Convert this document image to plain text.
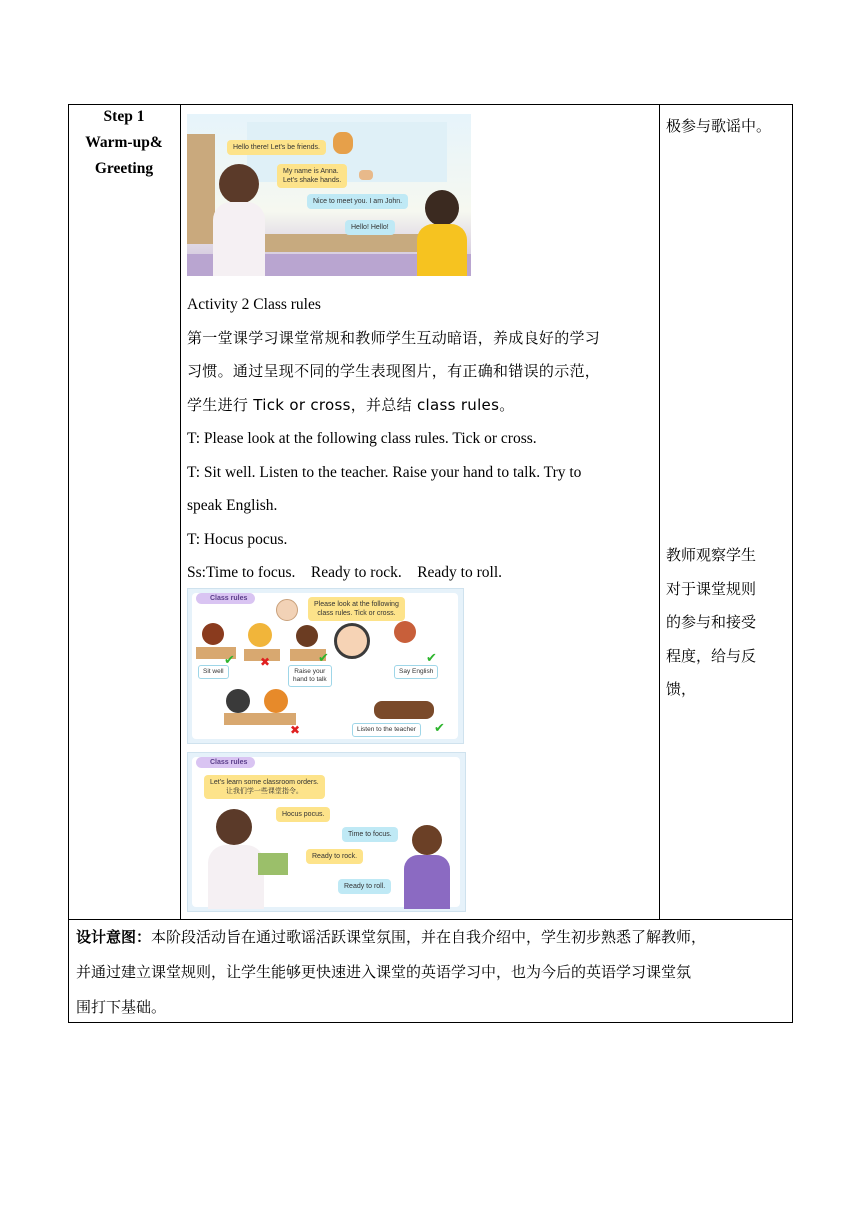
Step 1
Warm-up&
Greeting
极参与歌谣中。
教师观察学生
对于课堂规则
的参与和接受
程度，给与反
馈，
Hello there! Let's be friends.
My name is Anna.
Let's shake hands.
Nice to meet you. I am John.
Hello! Hello!

Activity 2 Class rules

第一堂课学习课堂常规和教师学生互动暗语，养成良好的学习

习惯。通过呈现不同的学生表现图片，有正确和错误的示范，

学生进行 Tick or cross，并总结 class rules。

T: Please look at the following class rules. Tick or cross.

T: Sit well. Listen to the teacher. Raise your hand to talk. Try to

speak English.

T: Hocus pocus.

Ss:Time to focus.    Ready to rock.    Ready to roll.

Class rules
Please look at the following
class rules. Tick or cross.
Sit well
✔ ✖
Raise your
hand to talk
✔
Say English
✔
✖	Listen to the teacher	✔
Class rules
Let's learn some classroom orders.
让我们学一些课堂指令。
Hocus pocus.
Time to focus.
Ready to rock.
Ready to roll.
设计意图：本阶段活动旨在通过歌谣活跃课堂氛围，并在自我介绍中，学生初步熟悉了解教师，
并通过建立课堂规则，让学生能够更快速进入课堂的英语学习中，也为今后的英语学习课堂氛
围打下基础。
